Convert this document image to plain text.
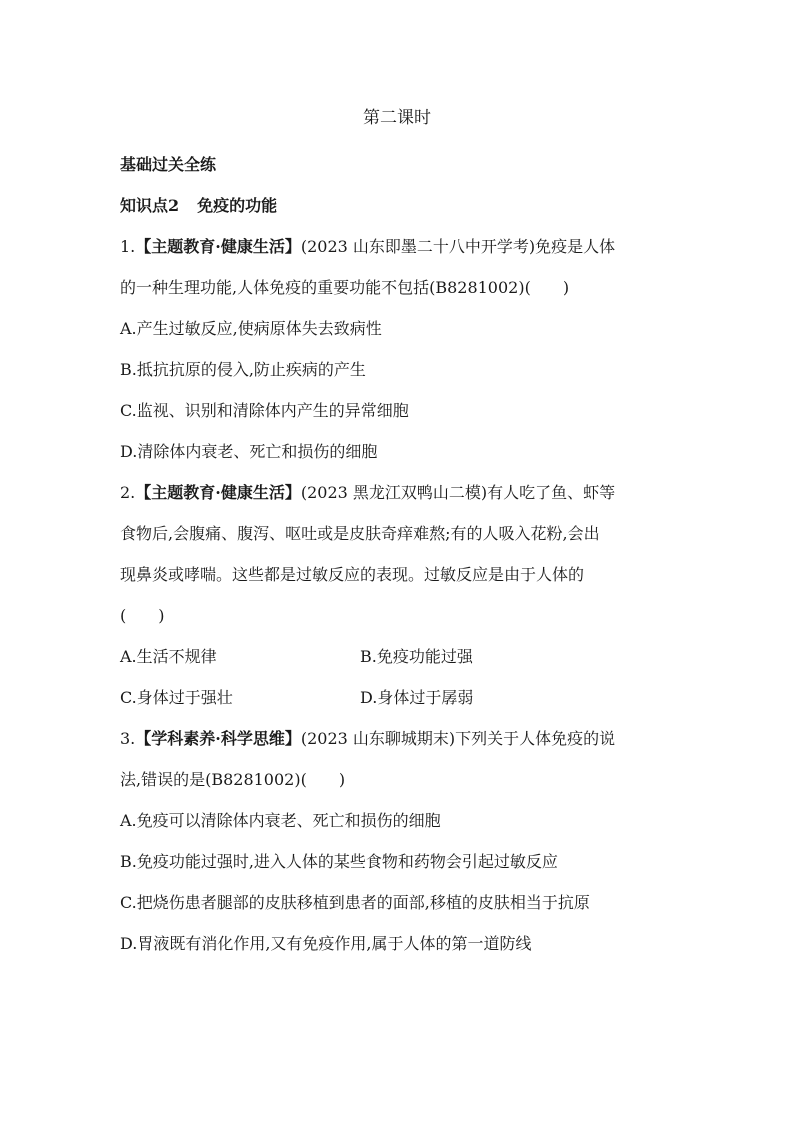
第二课时
基础过关全练
知识点2 免疫的功能
1.【主题教育·健康生活】(2023 山东即墨二十八中开学考)免疫是人体
的一种生理功能,人体免疫的重要功能不包括(B8281002)(　　)
A.产生过敏反应,使病原体失去致病性
B.抵抗抗原的侵入,防止疾病的产生
C.监视、识别和清除体内产生的异常细胞
D.清除体内衰老、死亡和损伤的细胞
2.【主题教育·健康生活】(2023 黑龙江双鸭山二模)有人吃了鱼、虾等
食物后,会腹痛、腹泻、呕吐或是皮肤奇痒难熬;有的人吸入花粉,会出
现鼻炎或哮喘。这些都是过敏反应的表现。过敏反应是由于人体的
(　　)
A.生活不规律	B.免疫功能过强
C.身体过于强壮	D.身体过于孱弱
3.【学科素养·科学思维】(2023 山东聊城期末)下列关于人体免疫的说
法,错误的是(B8281002)(　　)
A.免疫可以清除体内衰老、死亡和损伤的细胞
B.免疫功能过强时,进入人体的某些食物和药物会引起过敏反应
C.把烧伤患者腿部的皮肤移植到患者的面部,移植的皮肤相当于抗原
D.胃液既有消化作用,又有免疫作用,属于人体的第一道防线
